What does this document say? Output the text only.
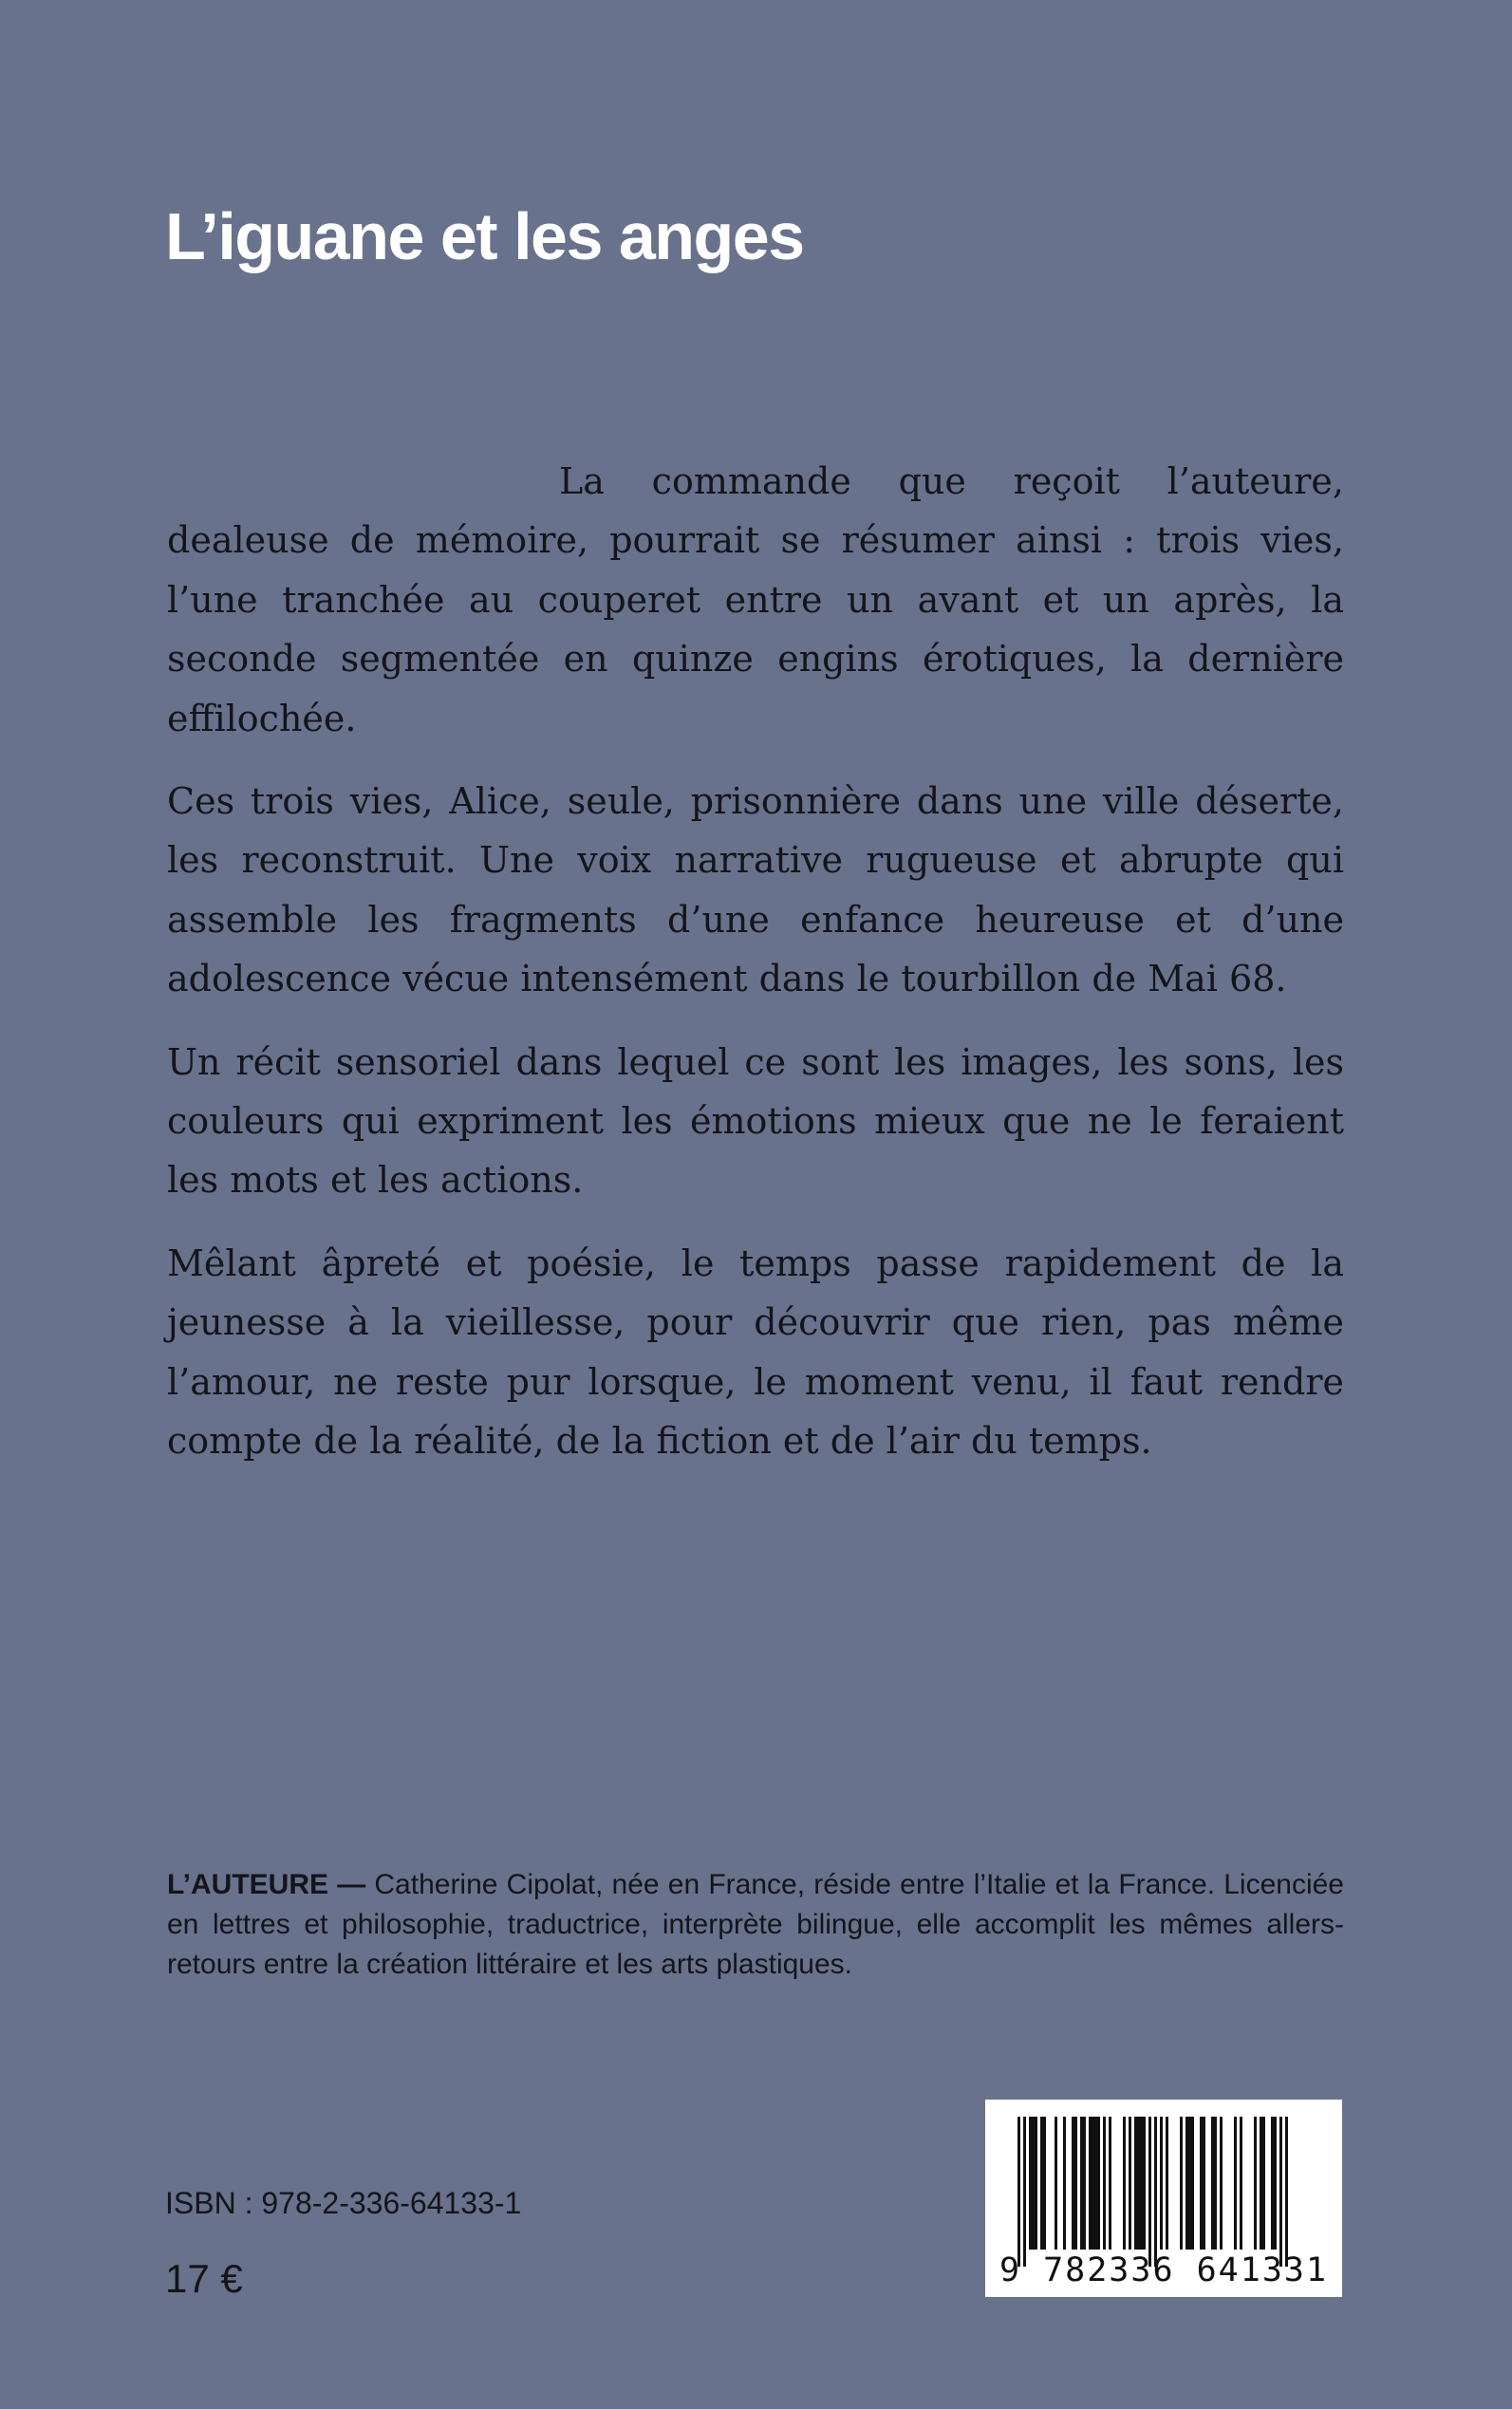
L’iguane et les anges

La commande que reçoit l’auteure, dealeuse de mémoire, pourrait se résumer ainsi : trois vies, l’une tranchée au couperet entre un avant et un après, la seconde segmentée en quinze engins érotiques, la dernière effilochée.

Ces trois vies, Alice, seule, prisonnière dans une ville déserte, les reconstruit. Une voix narrative rugueuse et abrupte qui assemble les fragments d’une enfance heureuse et d’une adolescence vécue intensément dans le tourbillon de Mai 68.

Un récit sensoriel dans lequel ce sont les images, les sons, les couleurs qui expriment les émotions mieux que ne le feraient les mots et les actions.

Mêlant âpreté et poésie, le temps passe rapidement de la jeunesse à la vieillesse, pour découvrir que rien, pas même l’amour, ne reste pur lorsque, le moment venu, il faut rendre compte de la réalité, de la fiction et de l’air du temps.

L’AUTEURE — Catherine Cipolat, née en France, réside entre l’Italie et la France. Licenciée en lettres et philosophie, traductrice, interprète bilingue, elle accomplit les mêmes allers-retours entre la création littéraire et les arts plastiques.
ISBN : 978-2-336-64133-1
17 €	9 782336 641331
